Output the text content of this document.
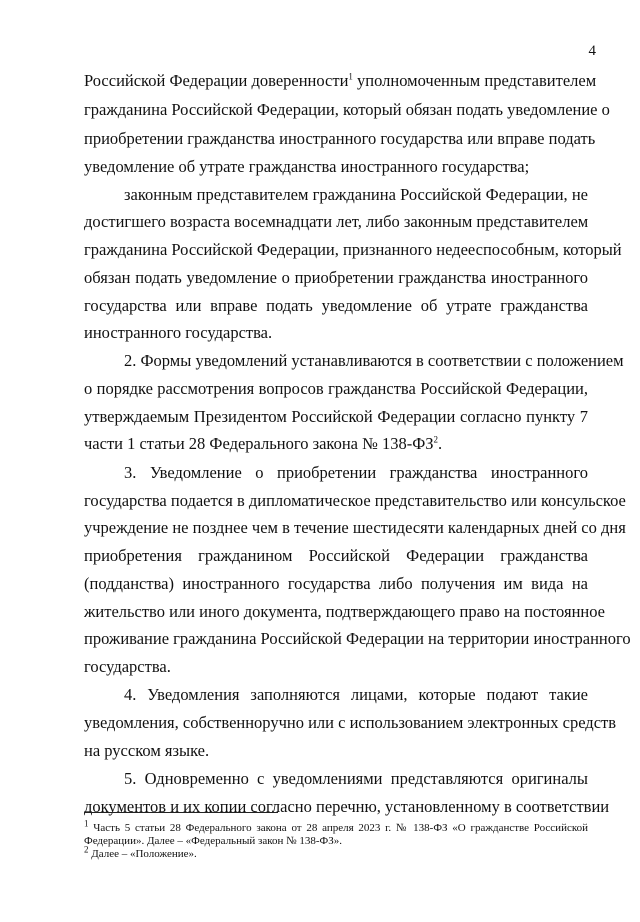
4
Российской Федерации доверенности$^1$ уполномоченным представителем
гражданина Российской Федерации, который обязан подать уведомление о
приобретении гражданства иностранного государства или вправе подать
уведомление об утрате гражданства иностранного государства;
законным представителем гражданина Российской Федерации, не
достигшего возраста восемнадцати лет, либо законным представителем
гражданина Российской Федерации, признанного недееспособным, который
обязан подать уведомление о приобретении гражданства иностранного
государства или вправе подать уведомление об утрате гражданства
иностранного государства.
2. Формы уведомлений устанавливаются в соответствии с положением
о порядке рассмотрения вопросов гражданства Российской Федерации,
утверждаемым Президентом Российской Федерации согласно пункту 7
части 1 статьи 28 Федерального закона № $138-ФЗ^2$.
3. Уведомление о приобретении гражданства иностранного
государства подается в дипломатическое представительство или консульское
учреждение не позднее чем в течение шестидесяти календарных дней со дня
приобретения гражданином Российской Федерации гражданства
(подданства) иностранного государства либо получения им вида на
жительство или иного документа, подтверждающего право на постоянное
проживание гражданина Российской Федерации на территории иностранного
государства.
4. Уведомления заполняются лицами, которые подают такие
уведомления, собственноручно или с использованием электронных средств
на русском языке.
5. Одновременно с уведомлениями представляются оригиналы
документов и их копии согласно перечню, установленному в соответствии
$^1$ Часть 5 статьи 28 Федерального закона от 28 апреля 2023 г. № 138-ФЗ «О гражданстве Российской
Федерации». Далее – «Федеральный закон № 138-ФЗ».
$^2$ Далее – «Положение».
